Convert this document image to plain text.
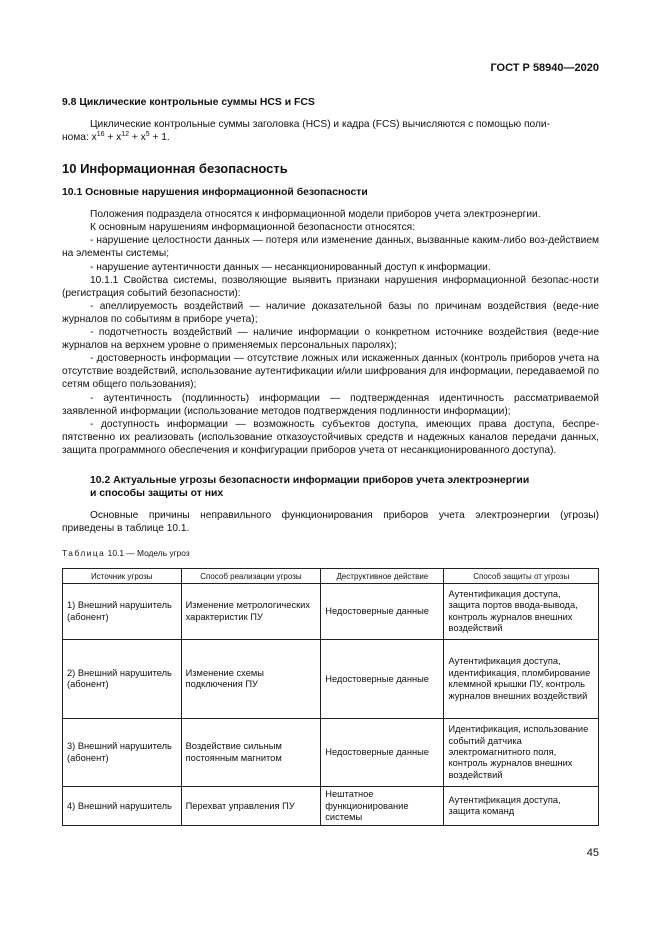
ГОСТ Р 58940—2020
9.8 Циклические контрольные суммы HCS и FCS

Циклические контрольные суммы заголовка (HCS) и кадра (FCS) вычисляются с помощью поли-
нома: $x^{16} + x^{12} + x^5 + 1$.

10 Информационная безопасность
10.1 Основные нарушения информационной безопасности

Положения подраздела относятся к информационной модели приборов учета электроэнергии.

К основным нарушениям информационной безопасности относятся:

- нарушение целостности данных — потеря или изменение данных, вызванные каким-либо воз-действием на элементы системы;

- нарушение аутентичности данных — несанкционированный доступ к информации.

10.1.1 Свойства системы, позволяющие выявить признаки нарушения информационной безопас-ности (регистрация событий безопасности):

- апеллируемость воздействий — наличие доказательной базы по причинам воздействия (веде-ние журналов по событиям в приборе учета);

- подотчетность воздействий — наличие информации о конкретном источнике воздействия (веде-ние журналов на верхнем уровне о применяемых персональных паролях);

- достоверность информации — отсутствие ложных или искаженных данных (контроль приборов учета на отсутствие воздействий, использование аутентификации и/или шифрования для информации, передаваемой по сетям общего пользования);

- аутентичность (подлинность) информации — подтвержденная идентичность рассматриваемой заявленной информации (использование методов подтверждения подлинности информации);

- доступность информации — возможность субъектов доступа, имеющих права доступа, беспре-пятственно их реализовать (использование отказоустойчивых средств и надежных каналов передачи данных, защита программного обеспечения и конфигурации приборов учета от несанкционированного доступа).

10.2 Актуальные угрозы безопасности информации приборов учета электроэнергии
и способы защиты от них

Основные причины неправильного функционирования приборов учета электроэнергии (угрозы) приведены в таблице 10.1.

Таблица 10.1 — Модель угроз
Источник угрозы	Способ реализации угрозы	Деструктивное действие	Способ защиты от угрозы
1) Внешний нарушитель (абонент)	Изменение метрологических характеристик ПУ	Недостоверные данные	Аутентификация доступа, защита портов ввода-вывода, контроль журналов внешних воздействий
2) Внешний нарушитель (абонент)	Изменение схемы подключения ПУ	Недостоверные данные	Аутентификация доступа, идентификация, пломбирование клеммной крышки ПУ, контроль журналов внешних воздействий
3) Внешний нарушитель (абонент)	Воздействие сильным постоянным магнитом	Недостоверные данные	Идентификация, использование событий датчика электромагнитного поля, контроль журналов внешних воздействий
4) Внешний нарушитель	Перехват управления ПУ	Нештатное функционирование системы	Аутентификация доступа, защита команд
45
